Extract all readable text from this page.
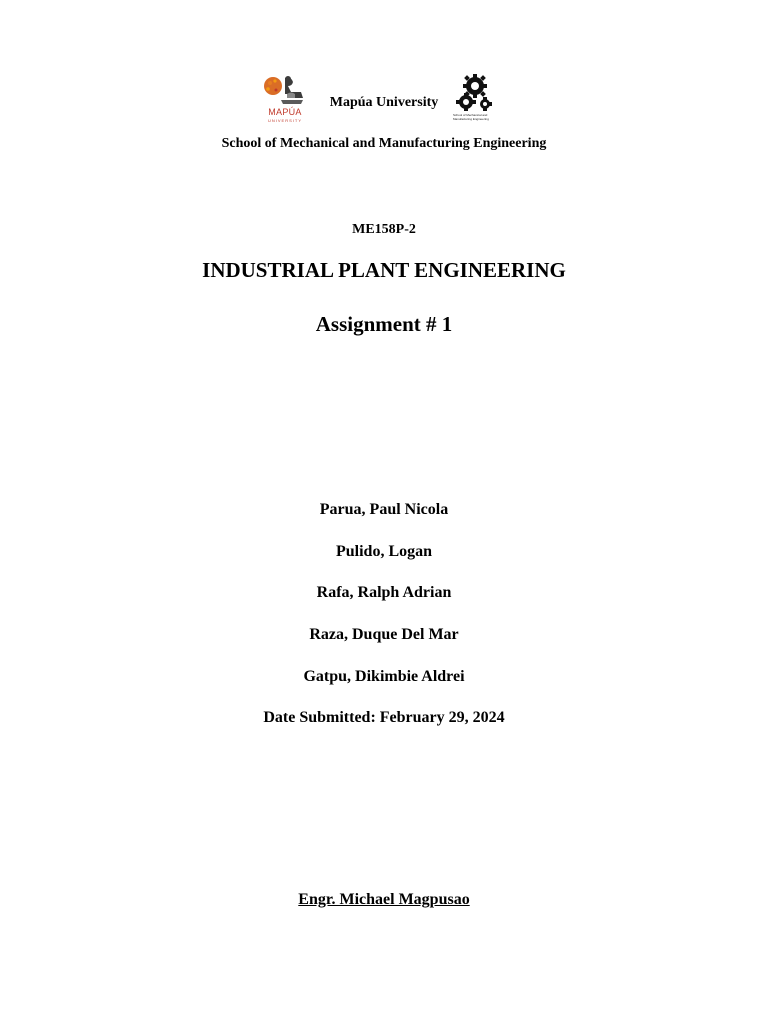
MAPÚA
UNIVERSITY
Mapúa University
School of Mechanical and Manufacturing Engineering
School of Mechanical and Manufacturing Engineering
ME158P-2
INDUSTRIAL PLANT ENGINEERING
Assignment # 1
Parua, Paul Nicola
Pulido, Logan
Rafa, Ralph Adrian
Raza, Duque Del Mar
Gatpu, Dikimbie Aldrei
Date Submitted: February 29, 2024
Engr. Michael Magpusao
